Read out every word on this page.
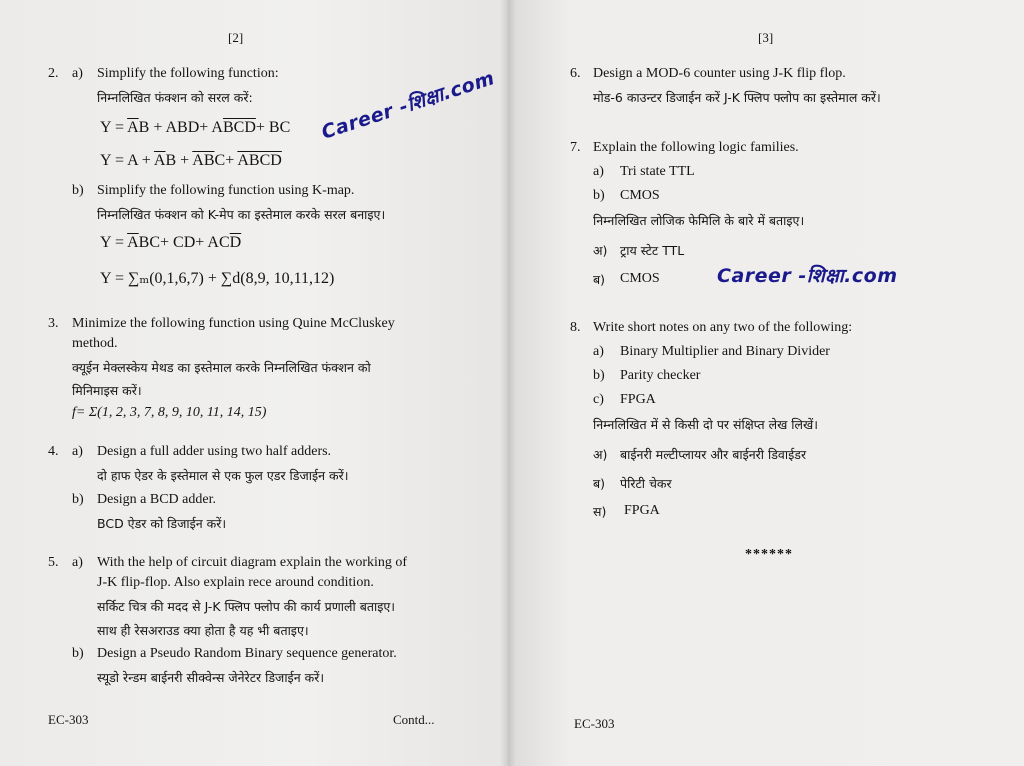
[2]
2. a) Simplify the following function:
निम्नलिखित फंक्शन को सरल करें:
$Y = \overline{A}B + ABD+ A\overline{BCD}+$ BC
$Y = A + \overline{A}B + \overline{AB}C+$ ABCD
b) Simplify the following function using K-map.
निम्नलिखित फंक्शन को K-मेप का इस्तेमाल करके सरल बनाइए।
$Y = \overline{A}BC+ CD+ AC\overline{D}$
Y = ∑ₘ(0,1,6,7) + ∑d(8,9, 10,11,12)
3. Minimize the following function using Quine McCluskey
method.
क्यूईन मेक्लस्केय मेथड का इस्तेमाल करके निम्नलिखित फंक्शन को
मिनिमाइस करें।
f= Σ(1, 2, 3, 7, 8, 9, 10, 11, 14, 15)
4. a) Design a full adder using two half adders.
दो हाफ ऐडर के इस्तेमाल से एक फुल एडर डिजाईन करें।
b) Design a BCD adder.
BCD ऐडर को डिजाईन करें।
5. a) With the help of circuit diagram explain the working of
J-K flip-flop. Also explain rece around condition.
सर्किट चित्र की मदद से J-K फ्लिप फ्लोप की कार्य प्रणाली बताइए।
साथ ही रेसअराउड क्या होता है यह भी बताइए।
b) Design a Pseudo Random Binary sequence generator.
स्यूडो रेन्डम बाईनरी सीक्वेन्स जेनेरेटर डिजाईन करें।
EC-303	Contd...
Career -शिक्षा.com
[3]
6. Design a MOD-6 counter using J-K flip flop.
मोड-6 काउन्टर डिजाईन करें J-K फ्लिप फ्लोप का इस्तेमाल करें।
7. Explain the following logic families.
a) Tri state TTL
b) CMOS
निम्नलिखित लोजिक फेमिलि के बारे में बताइए।
अ) ट्राय स्टेट TTL
ब) CMOS	Career -शिक्षा.com
8. Write short notes on any two of the following:
a) Binary Multiplier and Binary Divider
b) Parity checker
c) FPGA
निम्नलिखित में से किसी दो पर संक्षिप्त लेख लिखें।
अ) बाईनरी मल्टीप्लायर और बाईनरी डिवाईडर
ब) पेरिटी चेकर
स) FPGA
******
EC-303
